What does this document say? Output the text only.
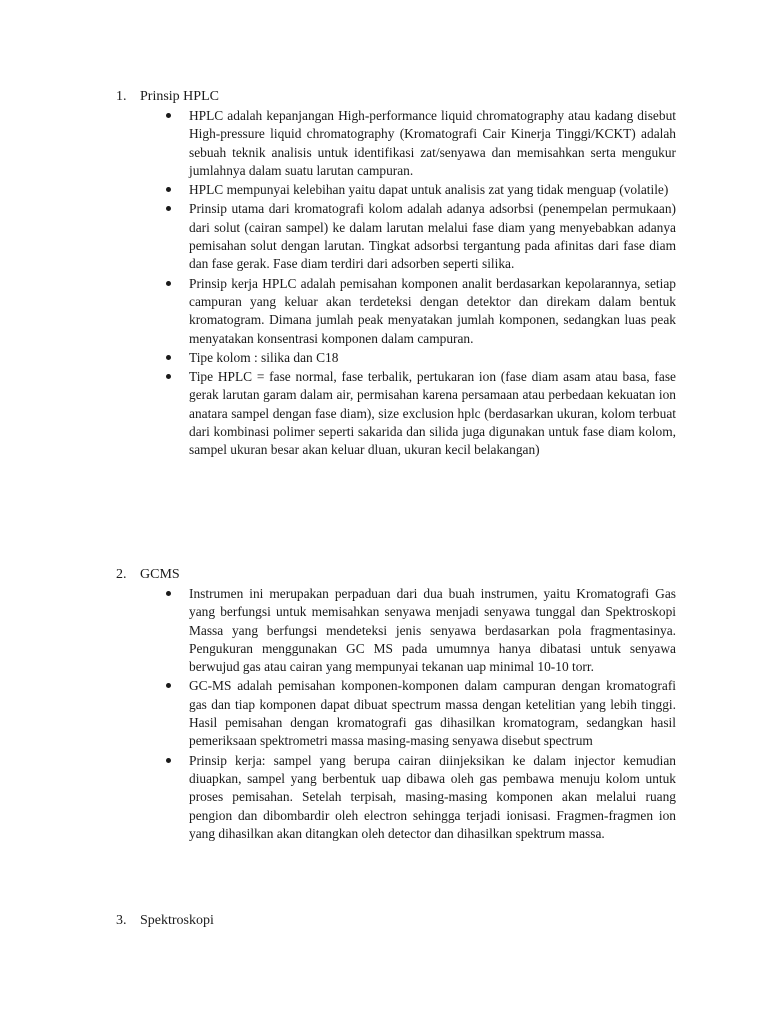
1. Prinsip HPLC
HPLC adalah kepanjangan High-performance liquid chromatography atau kadang disebut High-pressure liquid chromatography (Kromatografi Cair Kinerja Tinggi/KCKT) adalah sebuah teknik analisis untuk identifikasi zat/senyawa dan memisahkan serta mengukur jumlahnya dalam suatu larutan campuran.
HPLC mempunyai kelebihan yaitu dapat untuk analisis zat yang tidak menguap (volatile)
Prinsip utama dari kromatografi kolom adalah adanya adsorbsi (penempelan permukaan) dari solut (cairan sampel) ke dalam larutan melalui fase diam yang menyebabkan adanya pemisahan solut dengan larutan. Tingkat adsorbsi tergantung pada afinitas dari fase diam dan fase gerak. Fase diam terdiri dari adsorben seperti silika.
Prinsip kerja HPLC adalah pemisahan komponen analit berdasarkan kepolarannya, setiap campuran yang keluar akan terdeteksi dengan detektor dan direkam dalam bentuk kromatogram. Dimana jumlah peak menyatakan jumlah komponen, sedangkan luas peak menyatakan konsentrasi komponen dalam campuran.
Tipe kolom : silika dan C18
Tipe HPLC = fase normal, fase terbalik, pertukaran ion (fase diam asam atau basa, fase gerak larutan garam dalam air, permisahan karena persamaan atau perbedaan kekuatan ion anatara sampel dengan fase diam), size exclusion hplc (berdasarkan ukuran, kolom terbuat dari kombinasi polimer seperti sakarida dan silida juga digunakan untuk fase diam kolom, sampel ukuran besar akan keluar dluan, ukuran kecil belakangan)
2. GCMS
Instrumen ini merupakan perpaduan dari dua buah instrumen, yaitu Kromatografi Gas yang berfungsi untuk memisahkan senyawa menjadi senyawa tunggal dan Spektroskopi Massa yang berfungsi mendeteksi jenis senyawa berdasarkan pola fragmentasinya. Pengukuran menggunakan GC MS pada umumnya hanya dibatasi untuk senyawa berwujud gas atau cairan yang mempunyai tekanan uap minimal 10-10 torr.
GC-MS adalah pemisahan komponen-komponen dalam campuran dengan kromatografi gas dan tiap komponen dapat dibuat spectrum massa dengan ketelitian yang lebih tinggi. Hasil pemisahan dengan kromatografi gas dihasilkan kromatogram, sedangkan hasil pemeriksaan spektrometri massa masing-masing senyawa disebut spectrum
Prinsip kerja: sampel yang berupa cairan diinjeksikan ke dalam injector kemudian diuapkan, sampel yang berbentuk uap dibawa oleh gas pembawa menuju kolom untuk proses pemisahan. Setelah terpisah, masing-masing komponen akan melalui ruang pengion dan dibombardir oleh electron sehingga terjadi ionisasi. Fragmen-fragmen ion yang dihasilkan akan ditangkan oleh detector dan dihasilkan spektrum massa.
3. Spektroskopi
